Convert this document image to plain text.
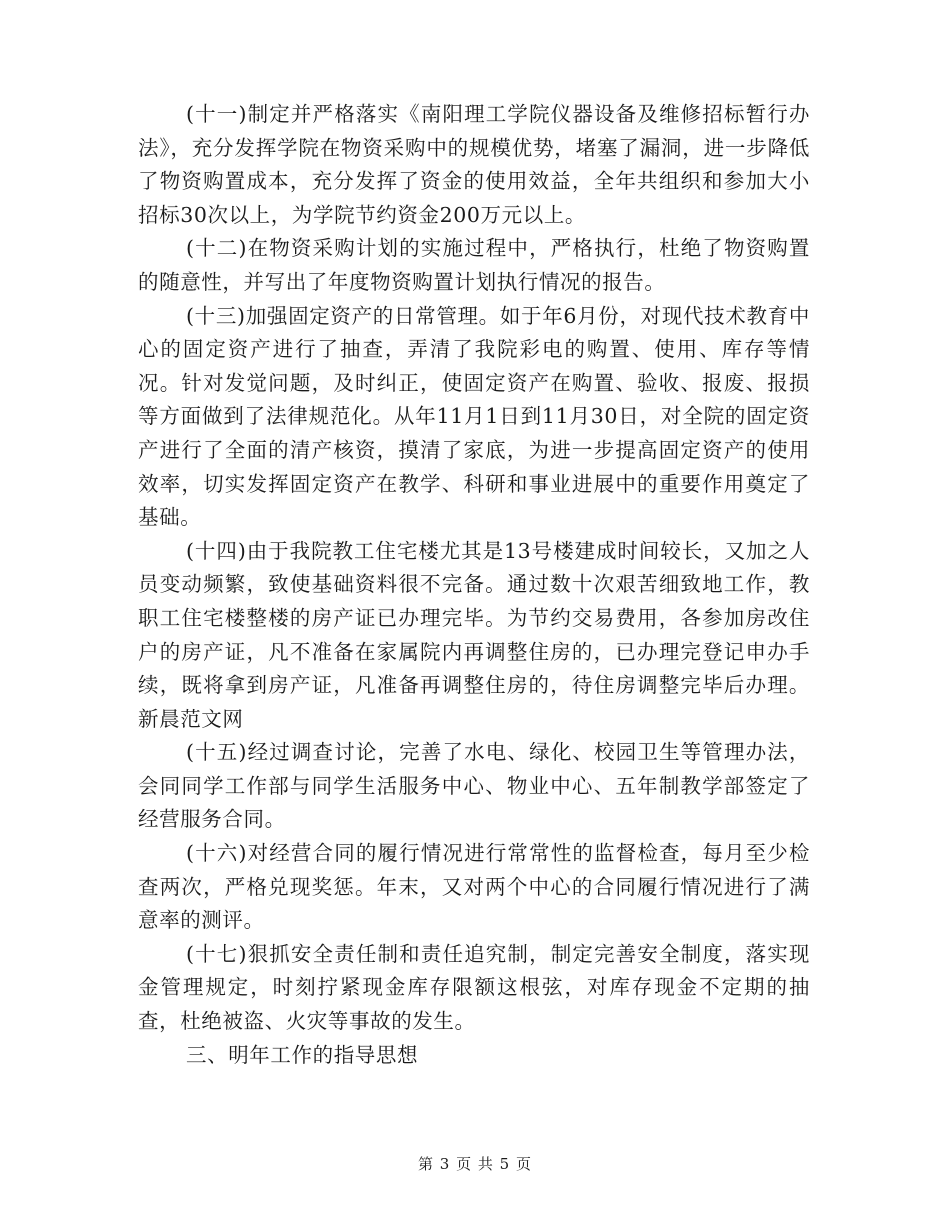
(十一)制定并严格落实《南阳理工学院仪器设备及维修招标暂行办法》，充分发挥学院在物资采购中的规模优势，堵塞了漏洞，进一步降低了物资购置成本，充分发挥了资金的使用效益，全年共组织和参加大小招标30次以上，为学院节约资金200万元以上。

(十二)在物资采购计划的实施过程中，严格执行，杜绝了物资购置的随意性，并写出了年度物资购置计划执行情况的报告。

(十三)加强固定资产的日常管理。如于年6月份，对现代技术教育中心的固定资产进行了抽查，弄清了我院彩电的购置、使用、库存等情况。针对发觉问题，及时纠正，使固定资产在购置、验收、报废、报损等方面做到了法律规范化。从年11月1日到11月30日，对全院的固定资产进行了全面的清产核资，摸清了家底，为进一步提高固定资产的使用效率，切实发挥固定资产在教学、科研和事业进展中的重要作用奠定了基础。

(十四)由于我院教工住宅楼尤其是13号楼建成时间较长，又加之人员变动频繁，致使基础资料很不完备。通过数十次艰苦细致地工作，教职工住宅楼整楼的房产证已办理完毕。为节约交易费用，各参加房改住户的房产证，凡不准备在家属院内再调整住房的，已办理完登记申办手续，既将拿到房产证，凡准备再调整住房的，待住房调整完毕后办理。新晨范文网

(十五)经过调查讨论，完善了水电、绿化、校园卫生等管理办法，会同同学工作部与同学生活服务中心、物业中心、五年制教学部签定了经营服务合同。

(十六)对经营合同的履行情况进行常常性的监督检查，每月至少检查两次，严格兑现奖惩。年末，又对两个中心的合同履行情况进行了满意率的测评。

(十七)狠抓安全责任制和责任追究制，制定完善安全制度，落实现金管理规定，时刻拧紧现金库存限额这根弦，对库存现金不定期的抽查，杜绝被盗、火灾等事故的发生。

三、明年工作的指导思想

第 3 页 共 5 页
